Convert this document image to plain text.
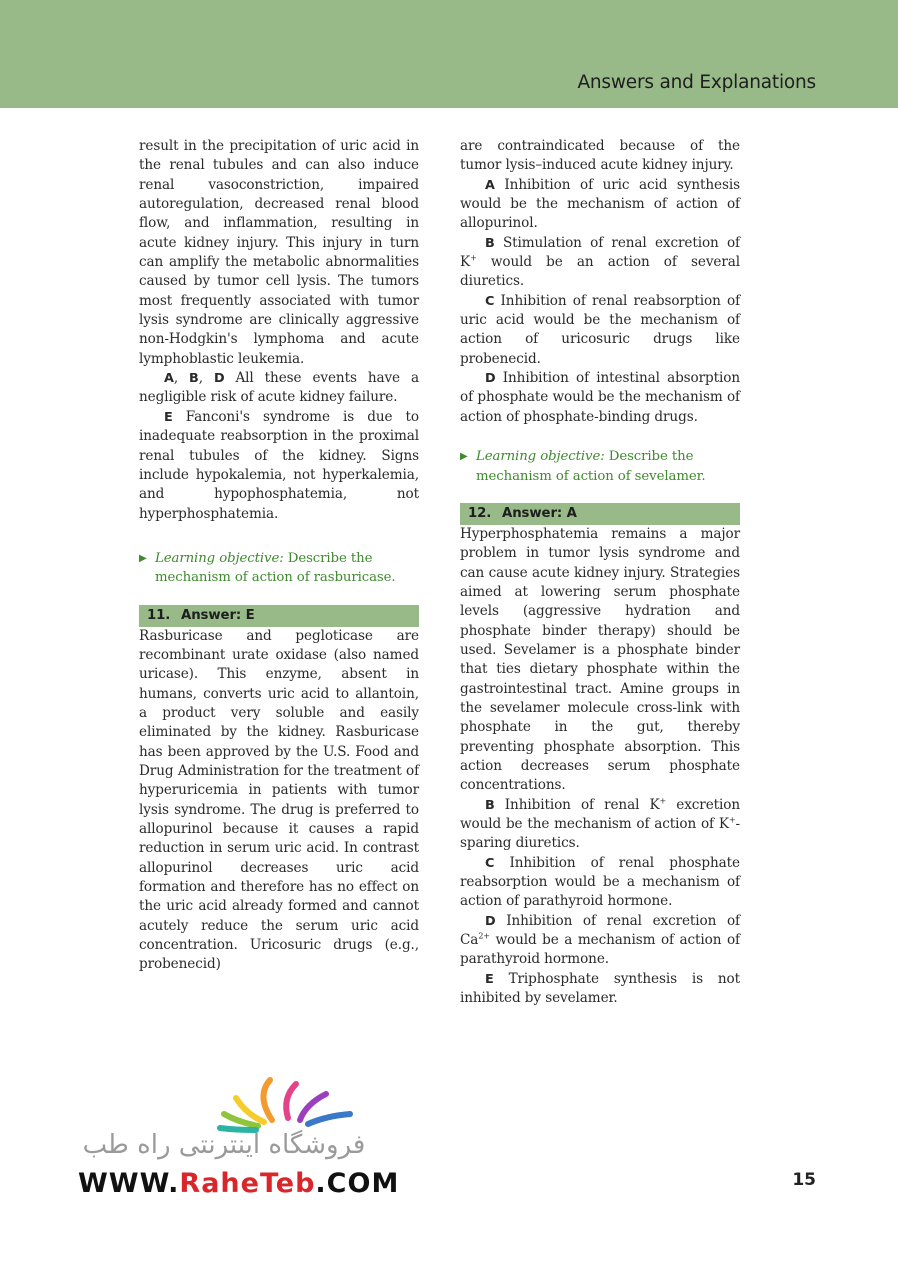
Answers and Explanations

result in the precipitation of uric acid in the renal tubules and can also induce renal vasoconstriction, impaired autoregulation, decreased renal blood flow, and inflammation, resulting in acute kidney injury. This injury in turn can amplify the metabolic abnormalities caused by tumor cell lysis. The tumors most frequently associated with tumor lysis syndrome are clinically aggressive non-Hodgkin's lymphoma and acute lymphoblastic leukemia.

A, B, D All these events have a negligible risk of acute kidney failure.

E Fanconi's syndrome is due to inadequate reabsorption in the proximal renal tubules of the kidney. Signs include hypokalemia, not hyperkalemia, and hypophosphatemia, not hyperphosphatemia.

▶ Learning objective: Describe the mechanism of action of rasburicase.

11. Answer: E

Rasburicase and pegloticase are recombinant urate oxidase (also named uricase). This enzyme, absent in humans, converts uric acid to allantoin, a product very soluble and easily eliminated by the kidney. Rasburicase has been approved by the U.S. Food and Drug Administration for the treatment of hyperuricemia in patients with tumor lysis syndrome. The drug is preferred to allopurinol because it causes a rapid reduction in serum uric acid. In contrast allopurinol decreases uric acid formation and therefore has no effect on the uric acid already formed and cannot acutely reduce the serum uric acid concentration. Uricosuric drugs (e.g., probenecid)

are contraindicated because of the tumor lysis–induced acute kidney injury.

A Inhibition of uric acid synthesis would be the mechanism of action of allopurinol.

B Stimulation of renal excretion of K+ would be an action of several diuretics.

C Inhibition of renal reabsorption of uric acid would be the mechanism of action of uricosuric drugs like probenecid.

D Inhibition of intestinal absorption of phosphate would be the mechanism of action of phosphate-binding drugs.

▶ Learning objective: Describe the mechanism of action of sevelamer.

12. Answer: A

Hyperphosphatemia remains a major problem in tumor lysis syndrome and can cause acute kidney injury. Strategies aimed at lowering serum phosphate levels (aggressive hydration and phosphate binder therapy) should be used. Sevelamer is a phosphate binder that ties dietary phosphate within the gastrointestinal tract. Amine groups in the sevelamer molecule cross-link with phosphate in the gut, thereby preventing phosphate absorption. This action decreases serum phosphate concentrations.

B Inhibition of renal K+ excretion would be the mechanism of action of K+-sparing diuretics.

C Inhibition of renal phosphate reabsorption would be a mechanism of action of parathyroid hormone.

D Inhibition of renal excretion of $Ca^{2+}$ would be a mechanism of action of parathyroid hormone.

E Triphosphate synthesis is not inhibited by sevelamer.

فروشگاه اینترنتی راه طب
WWW.RaheTeb.COM	15
